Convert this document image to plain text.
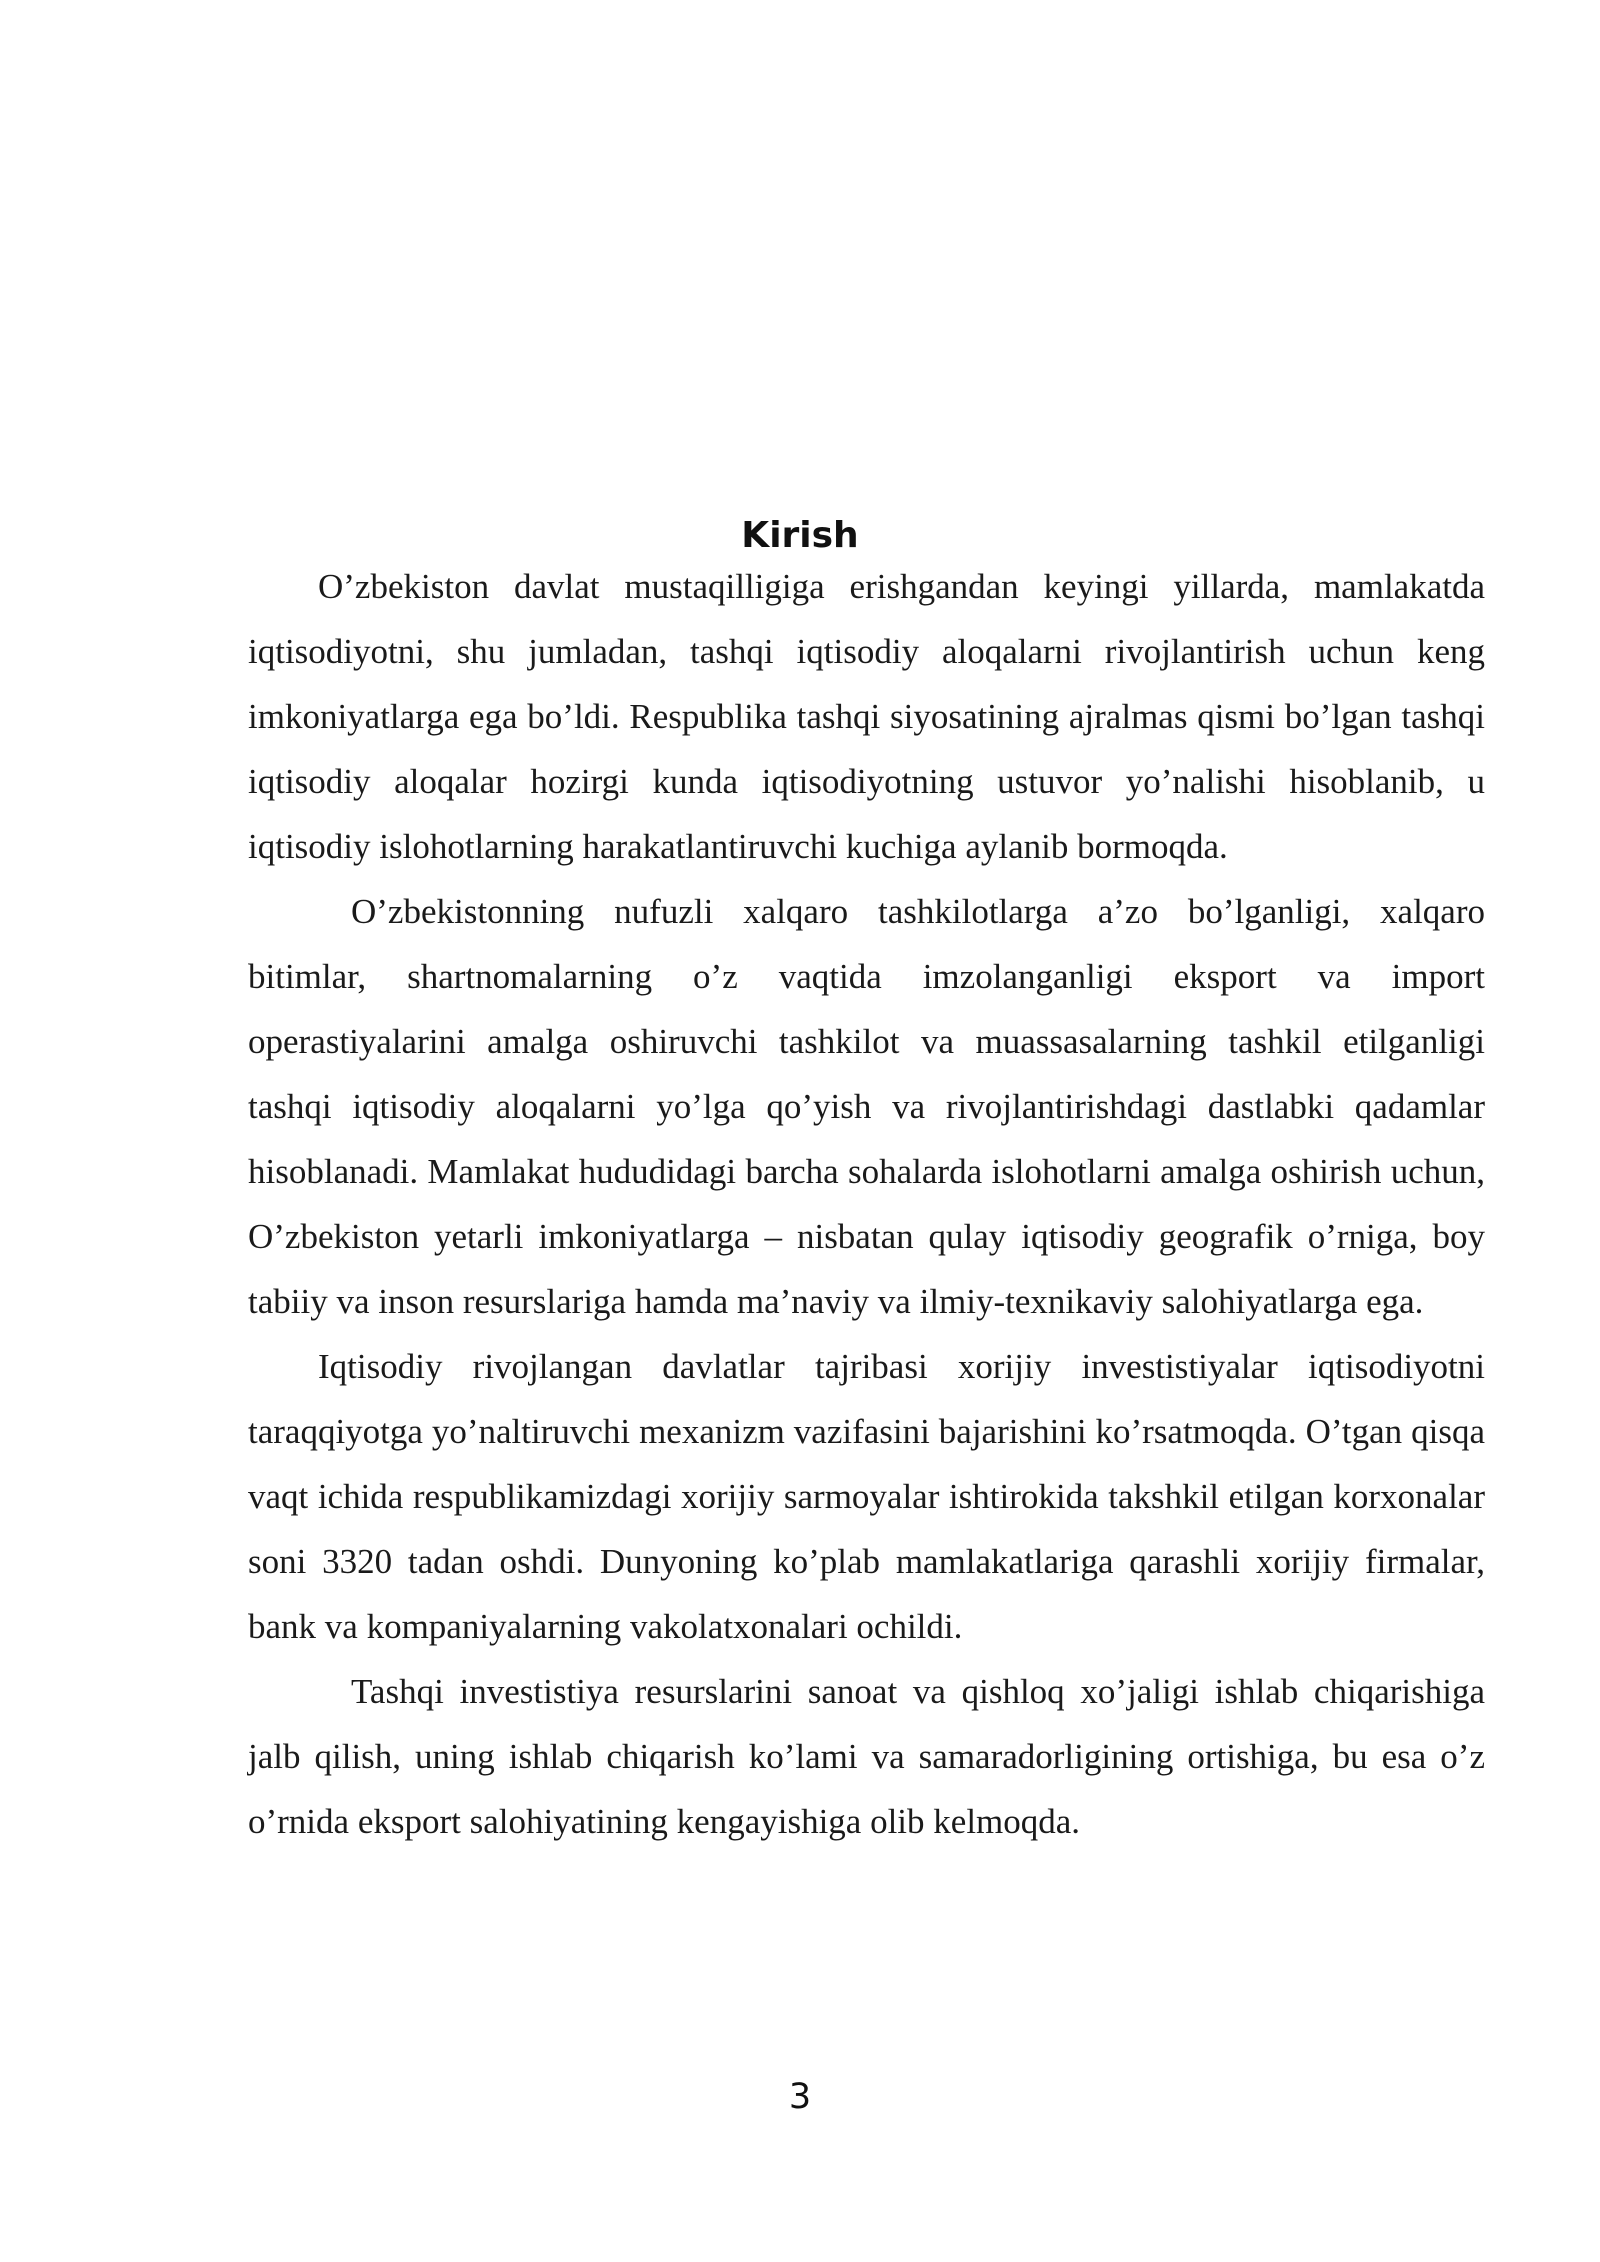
Kirish

O’zbekiston davlat mustaqilligiga erishgandan keyingi yillarda, mamlakatda iqtisodiyotni, shu jumladan, tashqi iqtisodiy aloqalarni rivojlantirish uchun keng imkoniyatlarga ega bo’ldi. Respublika tashqi siyosatining ajralmas qismi bo’lgan tashqi iqtisodiy aloqalar hozirgi kunda iqtisodiyotning ustuvor yo’nalishi hisoblanib, u iqtisodiy islohotlarning harakatlantiruvchi kuchiga aylanib bormoqda.

O’zbekistonning nufuzli xalqaro tashkilotlarga a’zo bo’lganligi, xalqaro bitimlar, shartnomalarning o’z vaqtida imzolanganligi eksport va import operastiyalarini amalga oshiruvchi tashkilot va muassasalarning tashkil etilganligi tashqi iqtisodiy aloqalarni yo’lga qo’yish va rivojlantirishdagi dastlabki qadamlar hisoblanadi. Mamlakat hududidagi barcha sohalarda islohotlarni amalga oshirish uchun, O’zbekiston yetarli imkoniyatlarga – nisbatan qulay iqtisodiy geografik o’rniga, boy tabiiy va inson resurslariga hamda ma’naviy va ilmiy-texnikaviy salohiyatlarga ega.

Iqtisodiy rivojlangan davlatlar tajribasi xorijiy investistiyalar iqtisodiyotni taraqqiyotga yo’naltiruvchi mexanizm vazifasini bajarishini ko’rsatmoqda. O’tgan qisqa vaqt ichida respublikamizdagi xorijiy sarmoyalar ishtirokida takshkil etilgan korxonalar soni 3320 tadan oshdi. Dunyoning ko’plab mamlakatlariga qarashli xorijiy firmalar, bank va kompaniyalarning vakolatxonalari ochildi.

Tashqi investistiya resurslarini sanoat va qishloq xo’jaligi ishlab chiqarishiga jalb qilish, uning ishlab chiqarish ko’lami va samaradorligining ortishiga, bu esa o’z o’rnida eksport salohiyatining kengayishiga olib kelmoqda.

3
